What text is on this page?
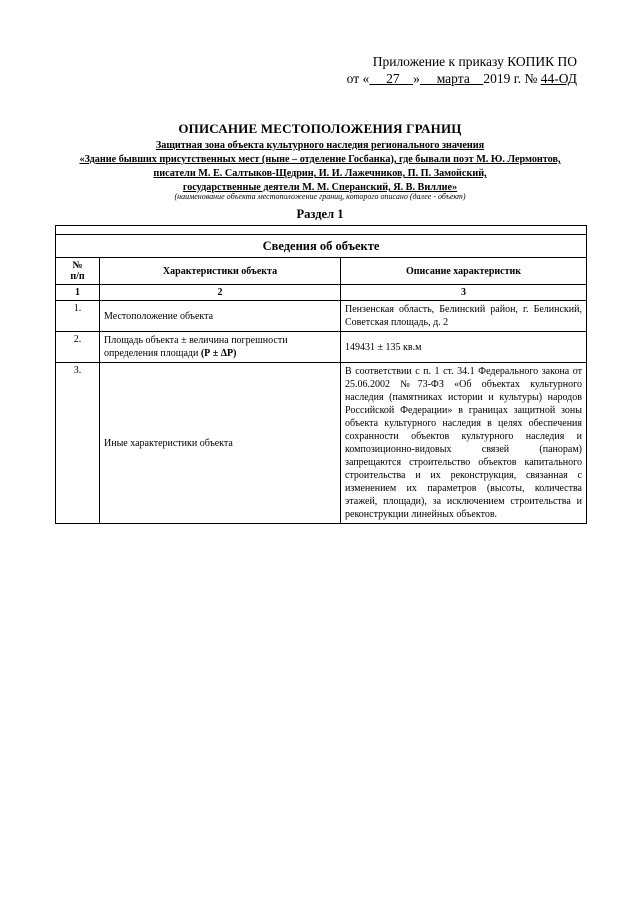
Приложение к приказу КОПИК ПО
от «     27    »     марта    2019 г. № 44-ОД
ОПИСАНИЕ МЕСТОПОЛОЖЕНИЯ ГРАНИЦ
Защитная зона объекта культурного наследия регионального значения
«Здание бывших присутственных мест (ныне – отделение Госбанка), где бывали поэт М. Ю. Лермонтов,
писатели М. Е. Салтыков-Щедрин, И. И. Лажечников, П. П. Замойский,
государственные деятели М. М. Сперанский, Я. В. Виллие»
(наименование объекта местоположение границ, которого описано (далее - объект)
Раздел 1

Сведения об объекте		
№
п/п	Характеристики объекта	Описание характеристик
1	2	3
1.	Местоположение объекта	Пензенская область, Белинский район, г. Белинский, Советская площадь, д. 2
2.	Площадь объекта ± величина погрешности
определения площади (Р ± ΔР)	149431 ± 135 кв.м
3.	Иные характеристики объекта	В соответствии с п. 1 ст. 34.1 Федерального закона от 25.06.2002 №73-ФЗ «Об объектах культурного наследия (памятниках истории и культуры) народов Российской Федерации» в границах защитной зоны объекта культурного наследия в целях обеспечения сохранности объектов культурного наследия и композиционно-видовых связей (панорам) запрещаются строительство объектов капитального строительства и их реконструкция, связанная с изменением их параметров (высоты, количества этажей, площади), за исключением строительства и реконструкции линейных объектов.
